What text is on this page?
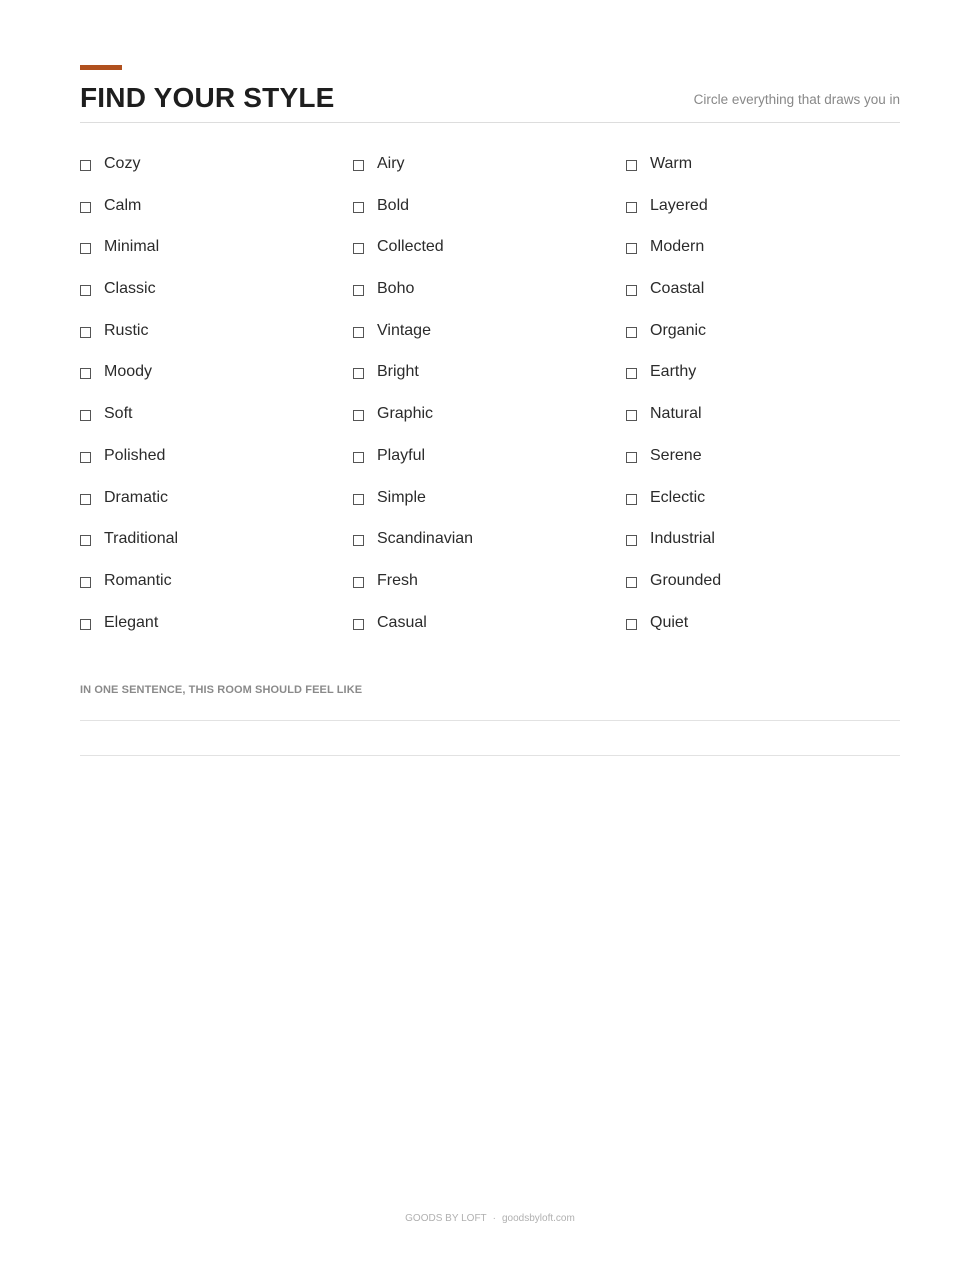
FIND YOUR STYLE	Circle everything that draws you in
Cozy	Airy	Warm
Calm	Bold	Layered
Minimal	Collected	Modern
Classic	Boho	Coastal
Rustic	Vintage	Organic
Moody	Bright	Earthy
Soft	Graphic	Natural
Polished	Playful	Serene
Dramatic	Simple	Eclectic
Traditional	Scandinavian	Industrial
Romantic	Fresh	Grounded
Elegant	Casual	Quiet
IN ONE SENTENCE, THIS ROOM SHOULD FEEL LIKE
GOODS BY LOFT · goodsbyloft.com
